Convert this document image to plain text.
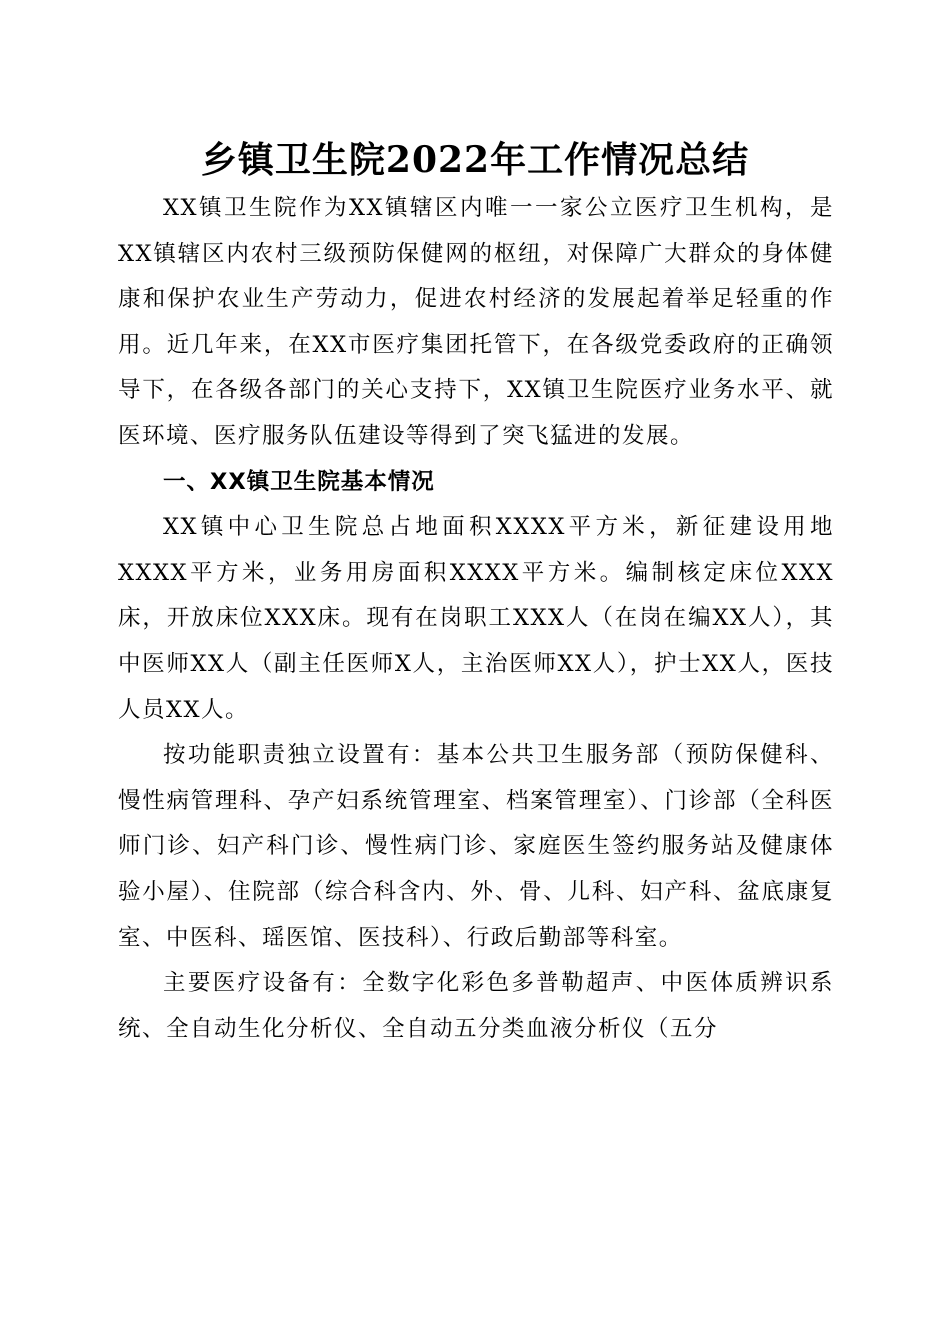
乡镇卫生院2022年工作情况总结

XX镇卫生院作为XX镇辖区内唯一一家公立医疗卫生机构，是XX镇辖区内农村三级预防保健网的枢纽，对保障广大群众的身体健康和保护农业生产劳动力，促进农村经济的发展起着举足轻重的作用。近几年来，在XX市医疗集团托管下，在各级党委政府的正确领导下，在各级各部门的关心支持下，XX镇卫生院医疗业务水平、就医环境、医疗服务队伍建设等得到了突飞猛进的发展。

一、XX镇卫生院基本情况

XX镇中心卫生院总占地面积XXXX平方米，新征建设用地XXXX平方米，业务用房面积XXXX平方米。编制核定床位XXX床，开放床位XXX床。现有在岗职工XXX人（在岗在编XX人），其中医师XX人（副主任医师X人，主治医师XX人），护士XX人，医技人员XX人。

按功能职责独立设置有：基本公共卫生服务部（预防保健科、慢性病管理科、孕产妇系统管理室、档案管理室）、门诊部（全科医师门诊、妇产科门诊、慢性病门诊、家庭医生签约服务站及健康体验小屋）、住院部（综合科含内、外、骨、儿科、妇产科、盆底康复室、中医科、瑶医馆、医技科）、行政后勤部等科室。

主要医疗设备有：全数字化彩色多普勒超声、中医体质辨识系统、全自动生化分析仪、全自动五分类血液分析仪（五分
